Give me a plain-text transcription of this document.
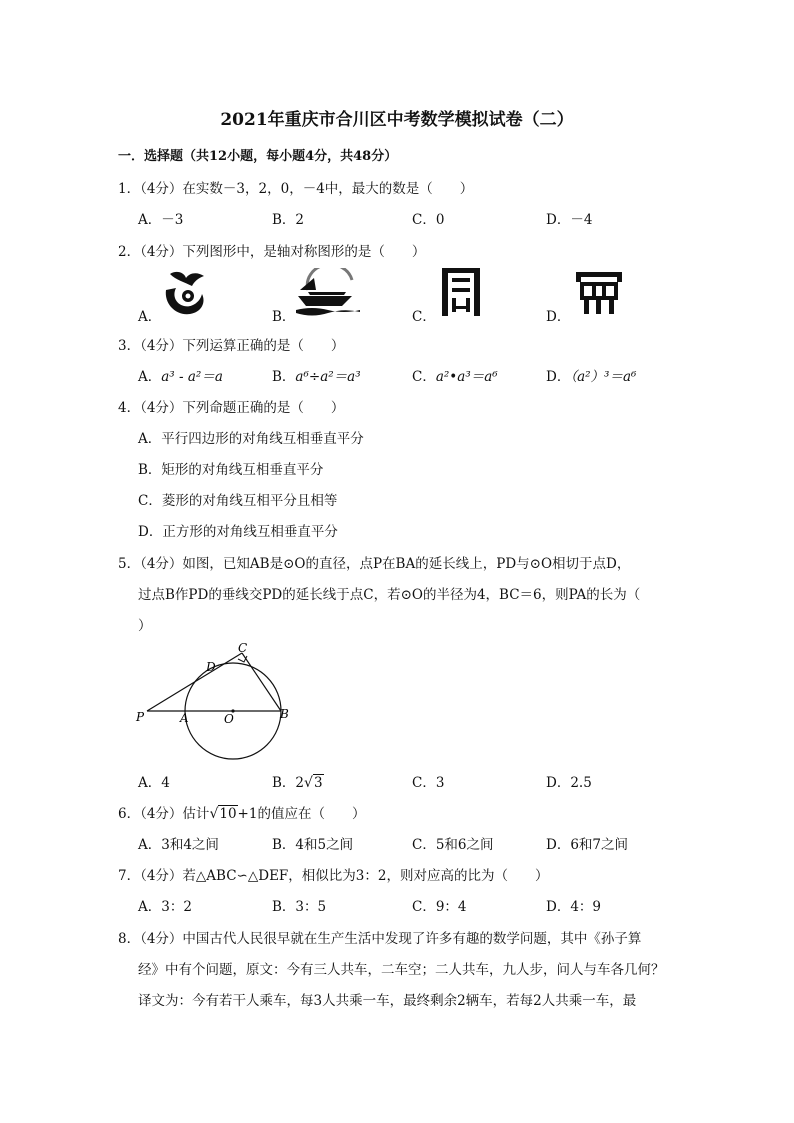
2021年重庆市合川区中考数学模拟试卷（二）
一．选择题（共12小题，每小题4分，共48分）
1．（4分）在实数－3，2，0，－4中，最大的数是（　　）
A．－3	B．2	C．0	D．－4
2．（4分）下列图形中，是轴对称图形的是（　　）
A．	B．	C．	D．
3．（4分）下列运算正确的是（　　）
A．a³ - a²＝a	B．a⁶÷a²＝a³	C．a²•a³＝a⁶	D．（a²）³＝a⁶
4．（4分）下列命题正确的是（　　）
A．平行四边形的对角线互相垂直平分
B．矩形的对角线互相垂直平分
C．菱形的对角线互相平分且相等
D．正方形的对角线互相垂直平分
5．（4分）如图，已知AB是⊙O的直径，点P在BA的延长线上，PD与⊙O相切于点D，
过点B作PD的垂线交PD的延长线于点C，若⊙O的半径为4，BC＝6，则PA的长为（
）
C
D
P	A	O	B
A．4	B．2√3	C．3	D．2.5
6．（4分）估计√10+1的值应在（　　）
A．3和4之间	B．4和5之间	C．5和6之间	D．6和7之间
7．（4分）若△ABC∽△DEF，相似比为3：2，则对应高的比为（　　）
A．3：2	B．3：5	C．9：4	D．4：9
8．（4分）中国古代人民很早就在生产生活中发现了许多有趣的数学问题，其中《孙子算
经》中有个问题，原文：今有三人共车，二车空；二人共车，九人步，问人与车各几何？
译文为：今有若干人乘车，每3人共乘一车，最终剩余2辆车，若每2人共乘一车，最
